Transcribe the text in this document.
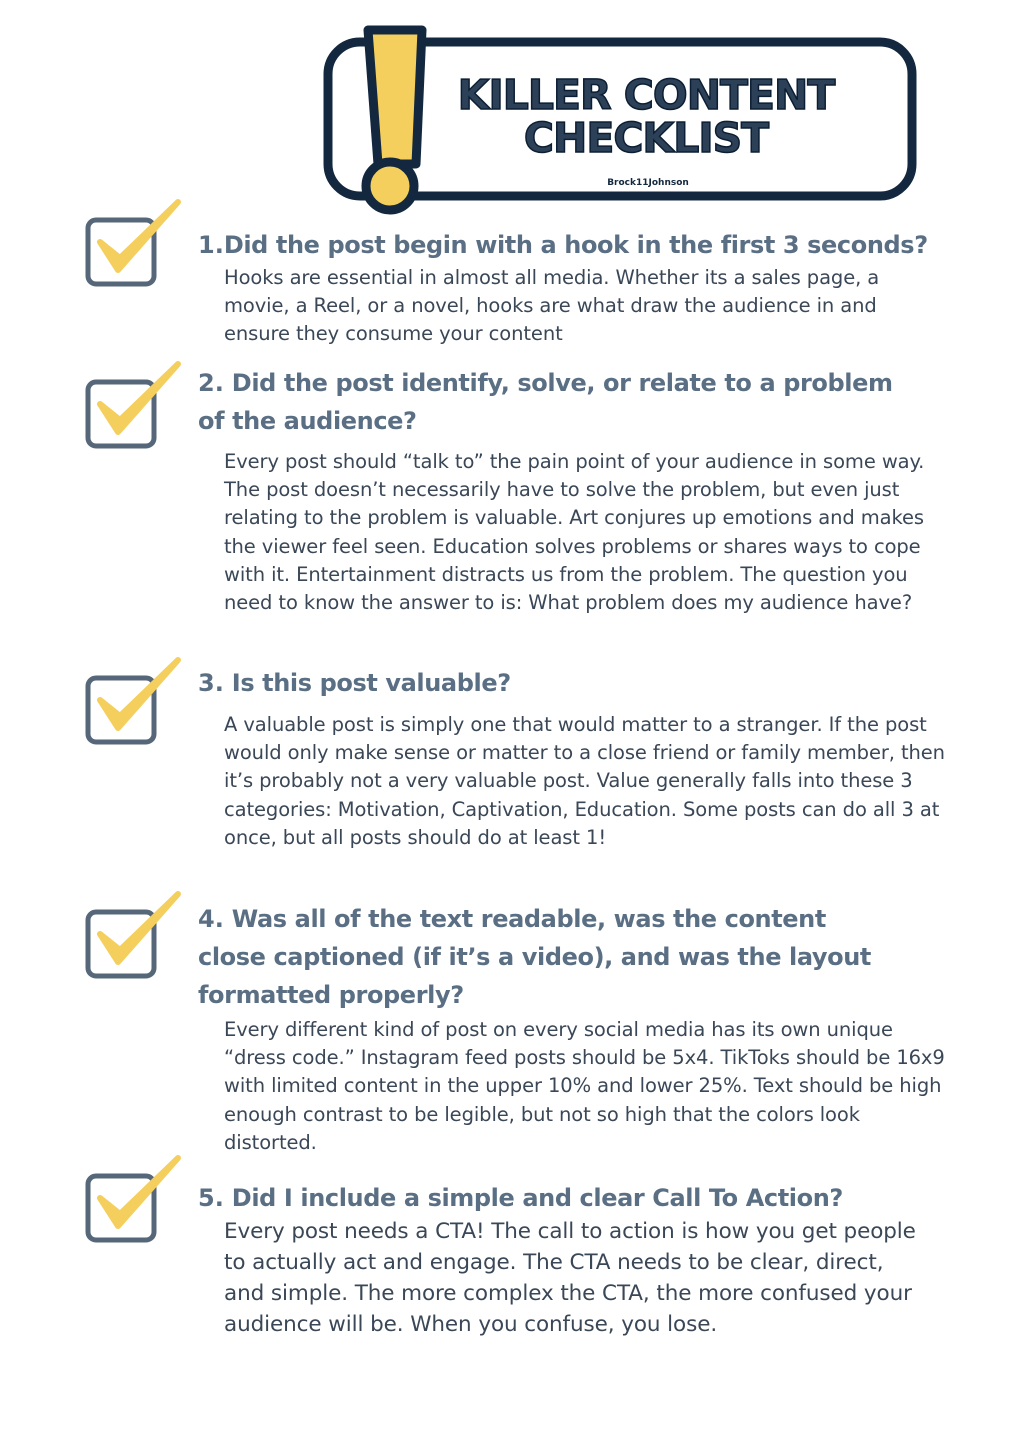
KILLER CONTENT
CHECKLIST
Brock11Johnson

1.Did the post begin with a hook in the first 3 seconds?

Hooks are essential in almost all media. Whether its a sales page, a movie, a Reel, or a novel, hooks are what draw the audience in and ensure they consume your content

2. Did the post identify, solve, or relate to a problem of the audience?

Every post should “talk to” the pain point of your audience in some way. The post doesn’t necessarily have to solve the problem, but even just relating to the problem is valuable. Art conjures up emotions and makes the viewer feel seen. Education solves problems or shares ways to cope with it. Entertainment distracts us from the problem. The question you need to know the answer to is: What problem does my audience have?

3. Is this post valuable?

A valuable post is simply one that would matter to a stranger. If the post would only make sense or matter to a close friend or family member, then it’s probably not a very valuable post. Value generally falls into these 3 categories: Motivation, Captivation, Education. Some posts can do all 3 at once, but all posts should do at least 1!

4. Was all of the text readable, was the content close captioned (if it’s a video), and was the layout formatted properly?

Every different kind of post on every social media has its own unique “dress code.” Instagram feed posts should be 5x4. TikToks should be 16x9 with limited content in the upper 10% and lower 25%. Text should be high enough contrast to be legible, but not so high that the colors look distorted.

5. Did I include a simple and clear Call To Action?

Every post needs a CTA! The call to action is how you get people to actually act and engage. The CTA needs to be clear, direct, and simple. The more complex the CTA, the more confused your audience will be. When you confuse, you lose.
